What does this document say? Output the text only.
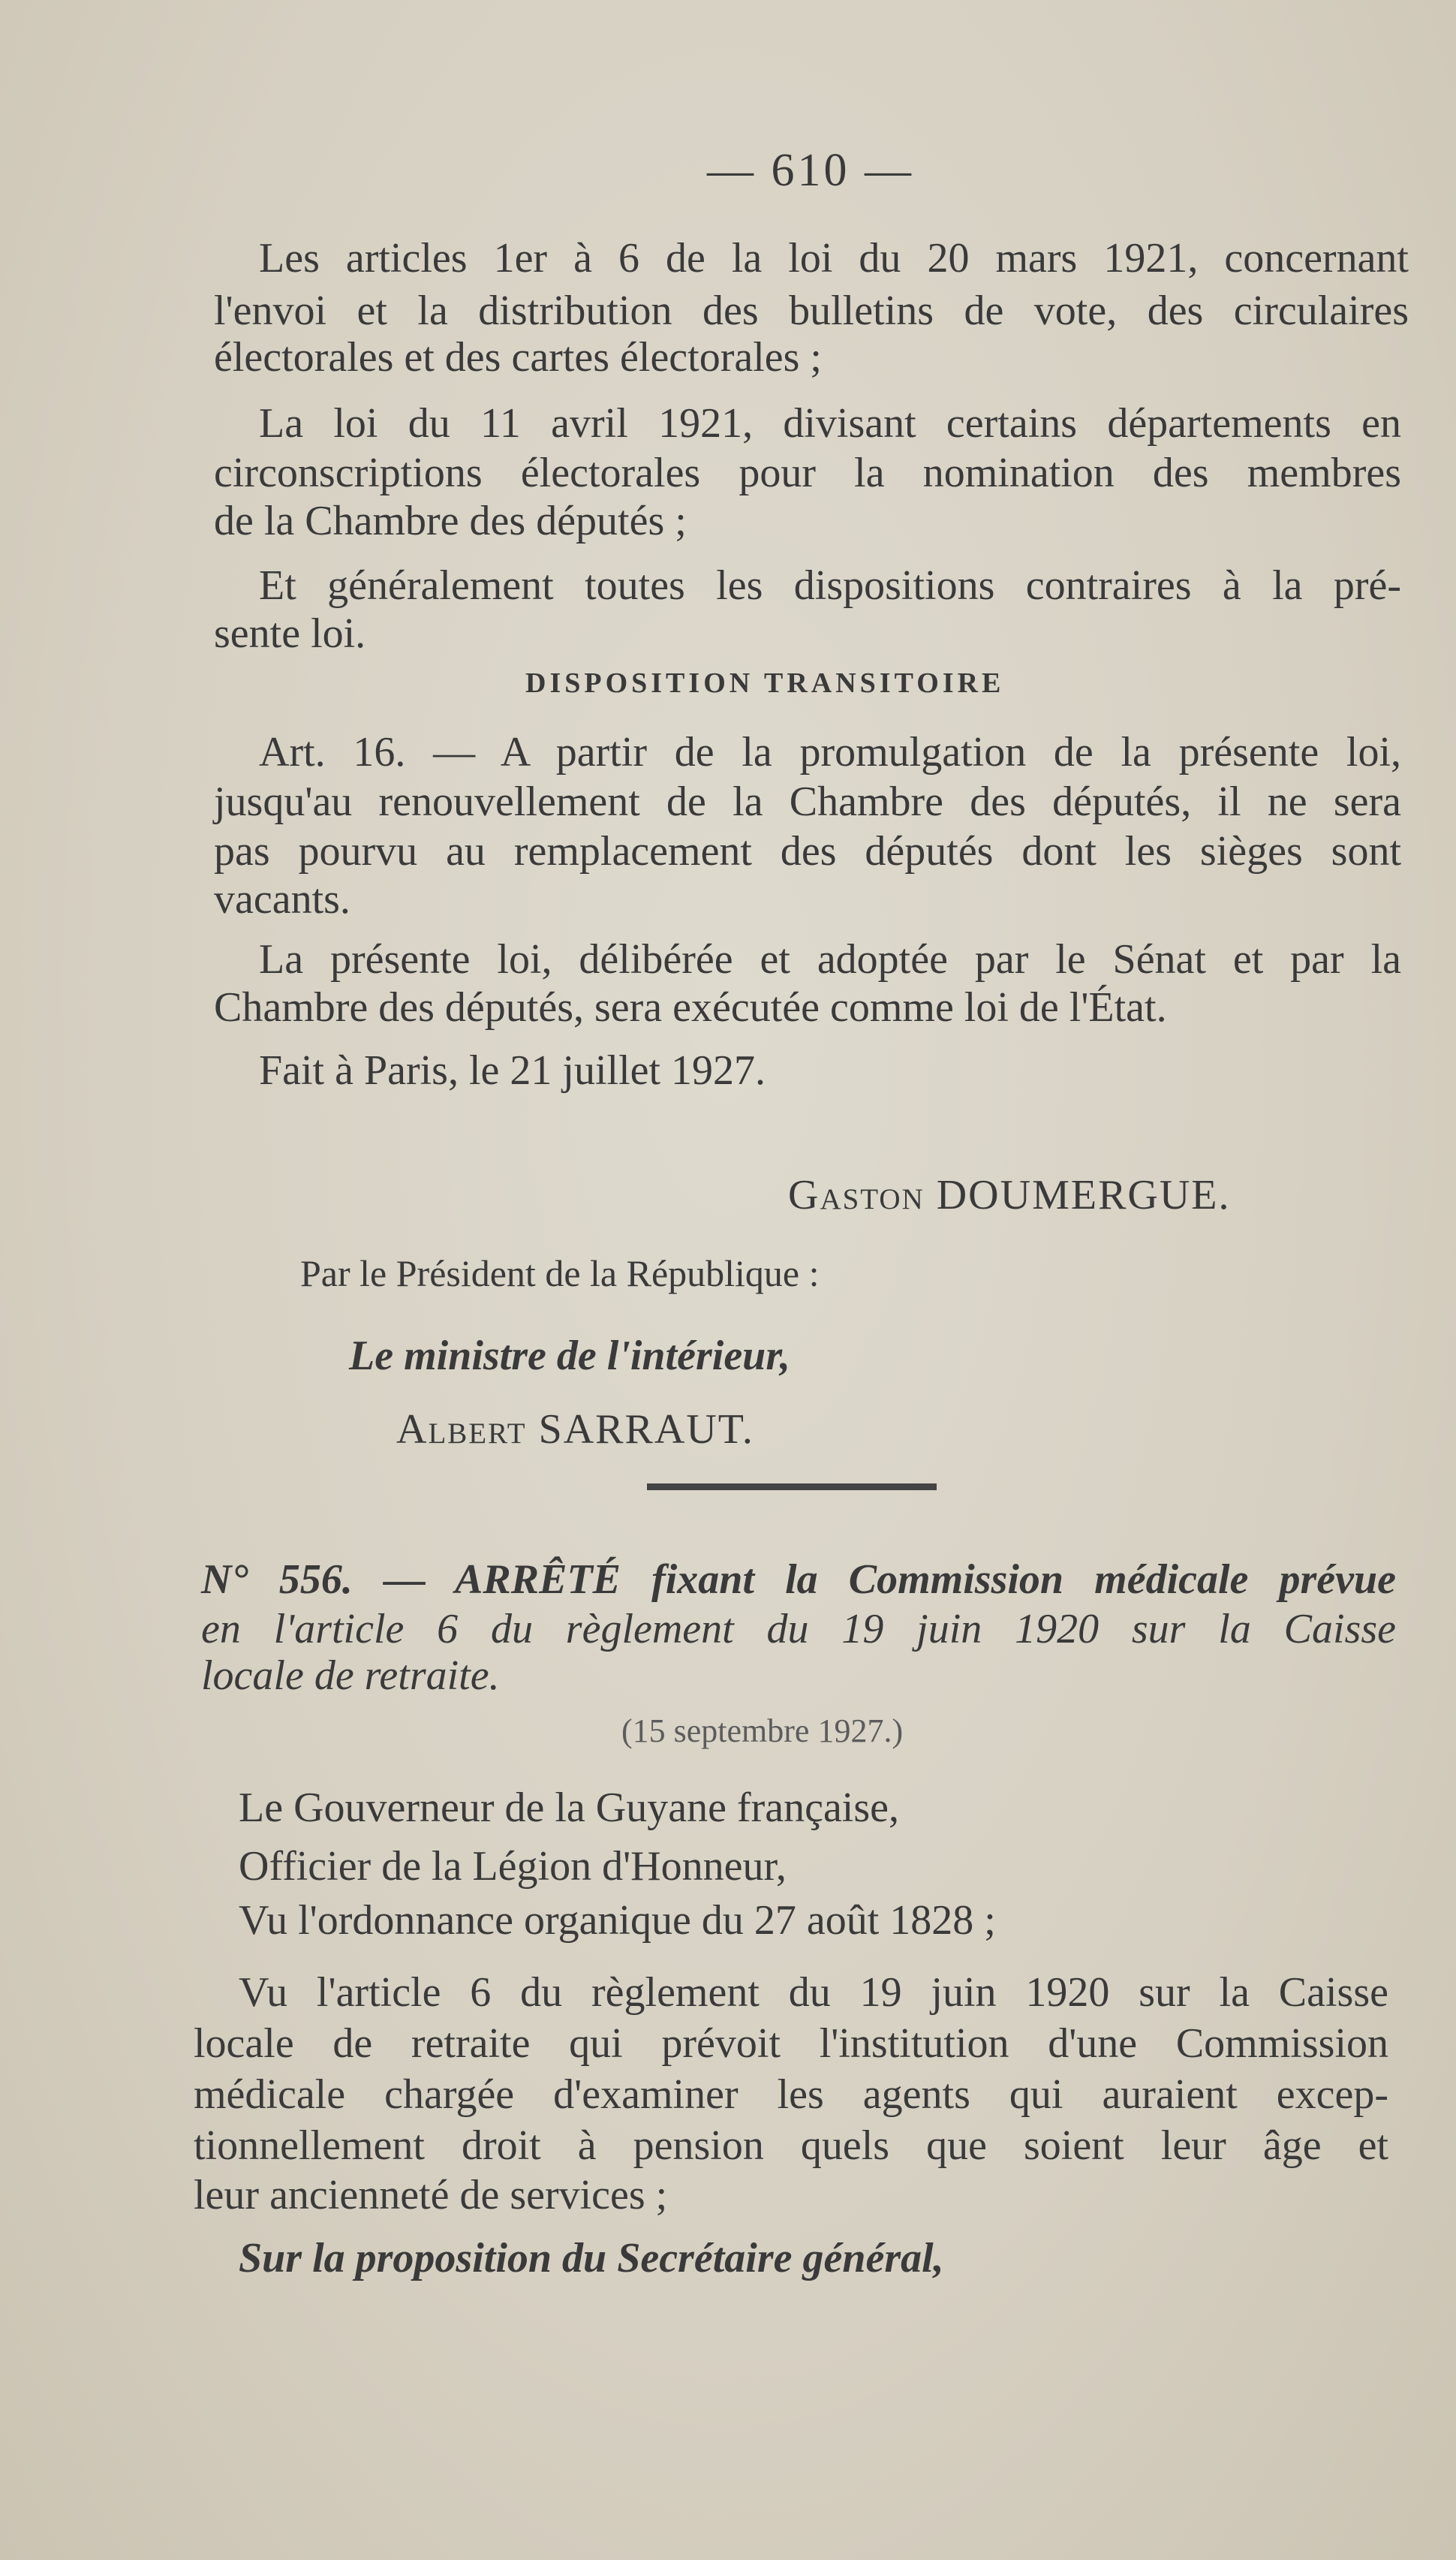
— 610 —

Les articles 1er à 6 de la loi du 20 mars 1921, concernant

l'envoi et la distribution des bulletins de vote, des circulaires

électorales et des cartes électorales ;

La loi du 11 avril 1921, divisant certains départements en

circonscriptions électorales pour la nomination des membres

de la Chambre des députés ;

Et généralement toutes les dispositions contraires à la pré-

sente loi.

DISPOSITION TRANSITOIRE

Art. 16. — A partir de la promulgation de la présente loi,

jusqu'au renouvellement de la Chambre des députés, il ne sera

pas pourvu au remplacement des députés dont les sièges sont

vacants.

La présente loi, délibérée et adoptée par le Sénat et par la

Chambre des députés, sera exécutée comme loi de l'État.

Fait à Paris, le 21 juillet 1927.

Gaston DOUMERGUE.

Par le Président de la République :

Le ministre de l'intérieur,

Albert SARRAUT.

N° 556. — ARRÊTÉ fixant la Commission médicale prévue

en l'article 6 du règlement du 19 juin 1920 sur la Caisse

locale de retraite.

(15 septembre 1927.)

Le Gouverneur de la Guyane française,

Officier de la Légion d'Honneur,

Vu l'ordonnance organique du 27 août 1828 ;

Vu l'article 6 du règlement du 19 juin 1920 sur la Caisse

locale de retraite qui prévoit l'institution d'une Commission

médicale chargée d'examiner les agents qui auraient excep-

tionnellement droit à pension quels que soient leur âge et

leur ancienneté de services ;

Sur la proposition du Secrétaire général,
